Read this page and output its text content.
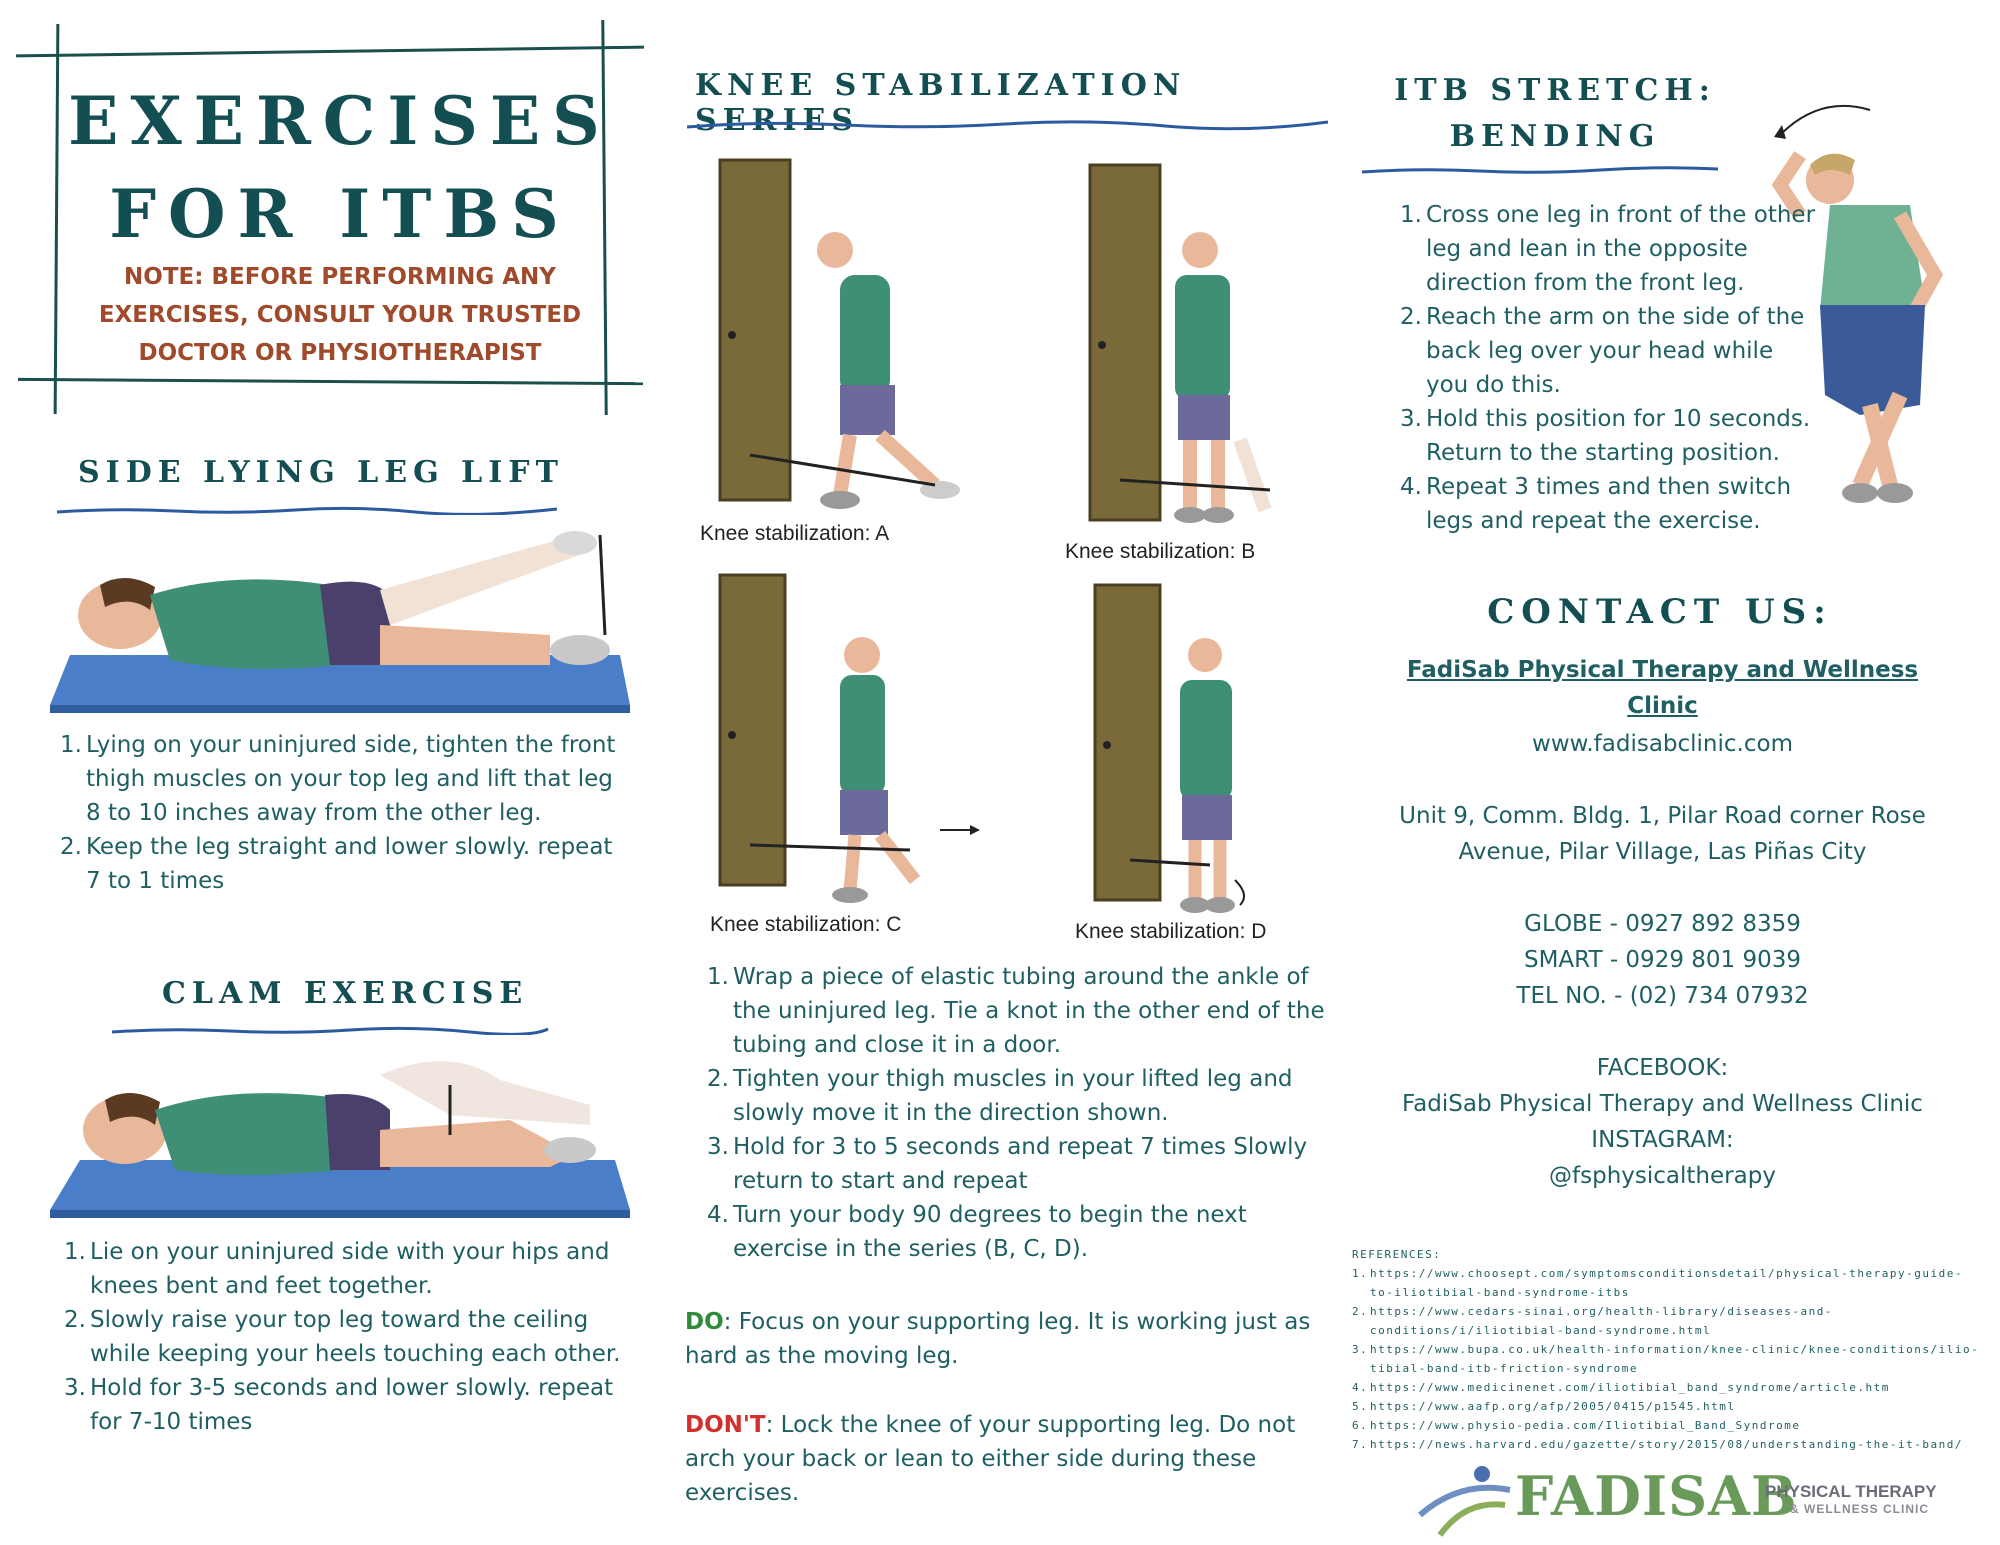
EXERCISES
FOR ITBS
NOTE: BEFORE PERFORMING ANY EXERCISES, CONSULT YOUR TRUSTED DOCTOR OR PHYSIOTHERAPIST
SIDE LYING LEG LIFT
1. Lying on your uninjured side, tighten the front thigh muscles on your top leg and lift that leg 8 to 10 inches away from the other leg.
2. Keep the leg straight and lower slowly. repeat 7 to 1 times
CLAM EXERCISE
1. Lie on your uninjured side with your hips and knees bent and feet together.
2. Slowly raise your top leg toward the ceiling while keeping your heels touching each other.
3. Hold for 3-5 seconds and lower slowly. repeat for 7-10 times
KNEE STABILIZATION SERIES
Knee stabilization: A
Knee stabilization: B
Knee stabilization: C	Knee stabilization: D
1. Wrap a piece of elastic tubing around the ankle of the uninjured leg. Tie a knot in the other end of the tubing and close it in a door.
2. Tighten your thigh muscles in your lifted leg and slowly move it in the direction shown.
3. Hold for 3 to 5 seconds and repeat 7 times Slowly return to start and repeat
4. Turn your body 90 degrees to begin the next exercise in the series (B, C, D).
DO: Focus on your supporting leg. It is working just as hard as the moving leg.
DON'T: Lock the knee of your supporting leg. Do not arch your back or lean to either side during these exercises.
ITB STRETCH:
BENDING
1. Cross one leg in front of the other leg and lean in the opposite direction from the front leg.
2. Reach the arm on the side of the back leg over your head while you do this.
3. Hold this position for 10 seconds. Return to the starting position.
4. Repeat 3 times and then switch legs and repeat the exercise.
CONTACT US:
FadiSab Physical Therapy and Wellness Clinic
www.fadisabclinic.com
Unit 9, Comm. Bldg. 1, Pilar Road corner Rose Avenue, Pilar Village, Las Piñas City
GLOBE - 0927 892 8359
SMART - 0929 801 9039
TEL NO. - (02) 734 07932
FACEBOOK:
FadiSab Physical Therapy and Wellness Clinic
INSTAGRAM:
@fsphysicaltherapy
REFERENCES:
1. https://www.choosept.com/symptomsconditionsdetail/physical-therapy-guide-to-iliotibial-band-syndrome-itbs
2. https://www.cedars-sinai.org/health-library/diseases-and-conditions/i/iliotibial-band-syndrome.html
3. https://www.bupa.co.uk/health-information/knee-clinic/knee-conditions/ilio-tibial-band-itb-friction-syndrome
4. https://www.medicinenet.com/iliotibial_band_syndrome/article.htm
5. https://www.aafp.org/afp/2005/0415/p1545.html
6. https://www.physio-pedia.com/Iliotibial_Band_Syndrome
7. https://news.harvard.edu/gazette/story/2015/08/understanding-the-it-band/
FADISAB
PHYSICAL THERAPY
& WELLNESS CLINIC
